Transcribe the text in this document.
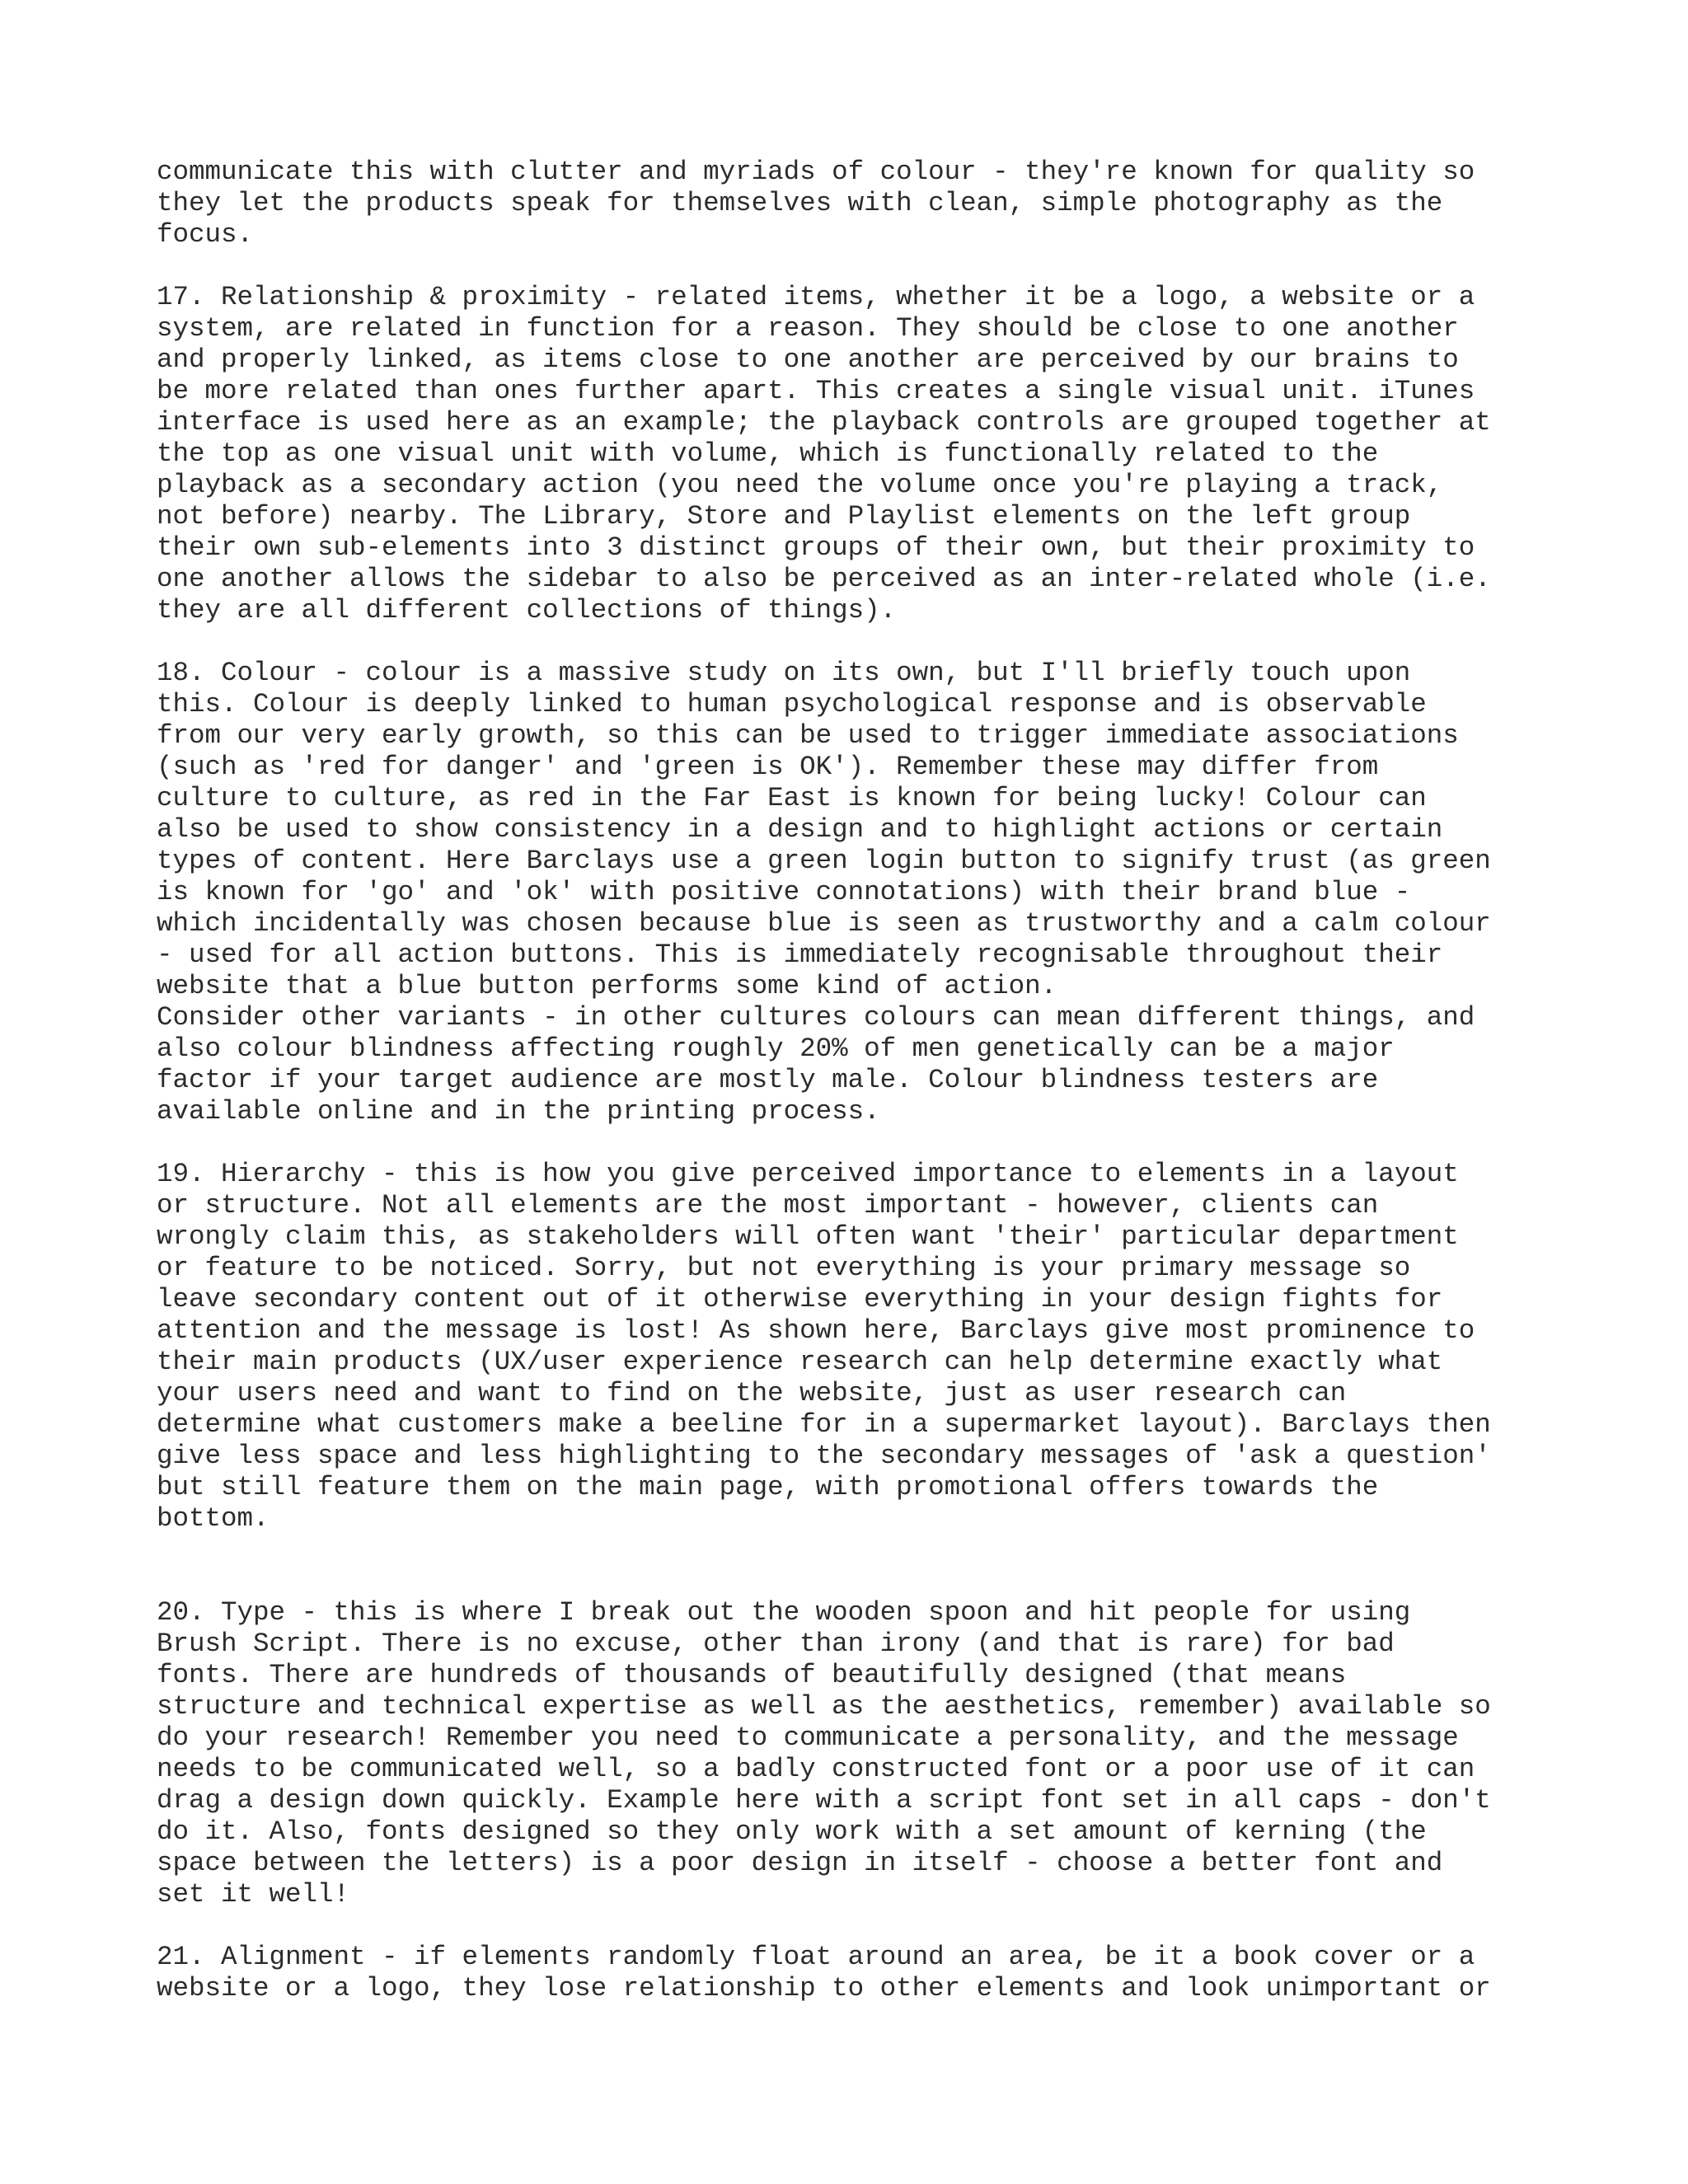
communicate this with clutter and myriads of colour - they're known for quality so
they let the products speak for themselves with clean, simple photography as the
focus.
17. Relationship & proximity - related items, whether it be a logo, a website or a
system, are related in function for a reason. They should be close to one another
and properly linked, as items close to one another are perceived by our brains to
be more related than ones further apart. This creates a single visual unit. iTunes
interface is used here as an example; the playback controls are grouped together at
the top as one visual unit with volume, which is functionally related to the
playback as a secondary action (you need the volume once you're playing a track,
not before) nearby. The Library, Store and Playlist elements on the left group
their own sub-elements into 3 distinct groups of their own, but their proximity to
one another allows the sidebar to also be perceived as an inter-related whole (i.e.
they are all different collections of things).
18. Colour - colour is a massive study on its own, but I'll briefly touch upon
this. Colour is deeply linked to human psychological response and is observable
from our very early growth, so this can be used to trigger immediate associations
(such as 'red for danger' and 'green is OK'). Remember these may differ from
culture to culture, as red in the Far East is known for being lucky! Colour can
also be used to show consistency in a design and to highlight actions or certain
types of content. Here Barclays use a green login button to signify trust (as green
is known for 'go' and 'ok' with positive connotations) with their brand blue -
which incidentally was chosen because blue is seen as trustworthy and a calm colour
- used for all action buttons. This is immediately recognisable throughout their
website that a blue button performs some kind of action.
Consider other variants - in other cultures colours can mean different things, and
also colour blindness affecting roughly 20% of men genetically can be a major
factor if your target audience are mostly male. Colour blindness testers are
available online and in the printing process.
19. Hierarchy - this is how you give perceived importance to elements in a layout
or structure. Not all elements are the most important - however, clients can
wrongly claim this, as stakeholders will often want 'their' particular department
or feature to be noticed. Sorry, but not everything is your primary message so
leave secondary content out of it otherwise everything in your design fights for
attention and the message is lost! As shown here, Barclays give most prominence to
their main products (UX/user experience research can help determine exactly what
your users need and want to find on the website, just as user research can
determine what customers make a beeline for in a supermarket layout). Barclays then
give less space and less highlighting to the secondary messages of 'ask a question'
but still feature them on the main page, with promotional offers towards the
bottom.
20. Type - this is where I break out the wooden spoon and hit people for using
Brush Script. There is no excuse, other than irony (and that is rare) for bad
fonts. There are hundreds of thousands of beautifully designed (that means
structure and technical expertise as well as the aesthetics, remember) available so
do your research! Remember you need to communicate a personality, and the message
needs to be communicated well, so a badly constructed font or a poor use of it can
drag a design down quickly. Example here with a script font set in all caps - don't
do it. Also, fonts designed so they only work with a set amount of kerning (the
space between the letters) is a poor design in itself - choose a better font and
set it well!
21. Alignment - if elements randomly float around an area, be it a book cover or a
website or a logo, they lose relationship to other elements and look unimportant or
